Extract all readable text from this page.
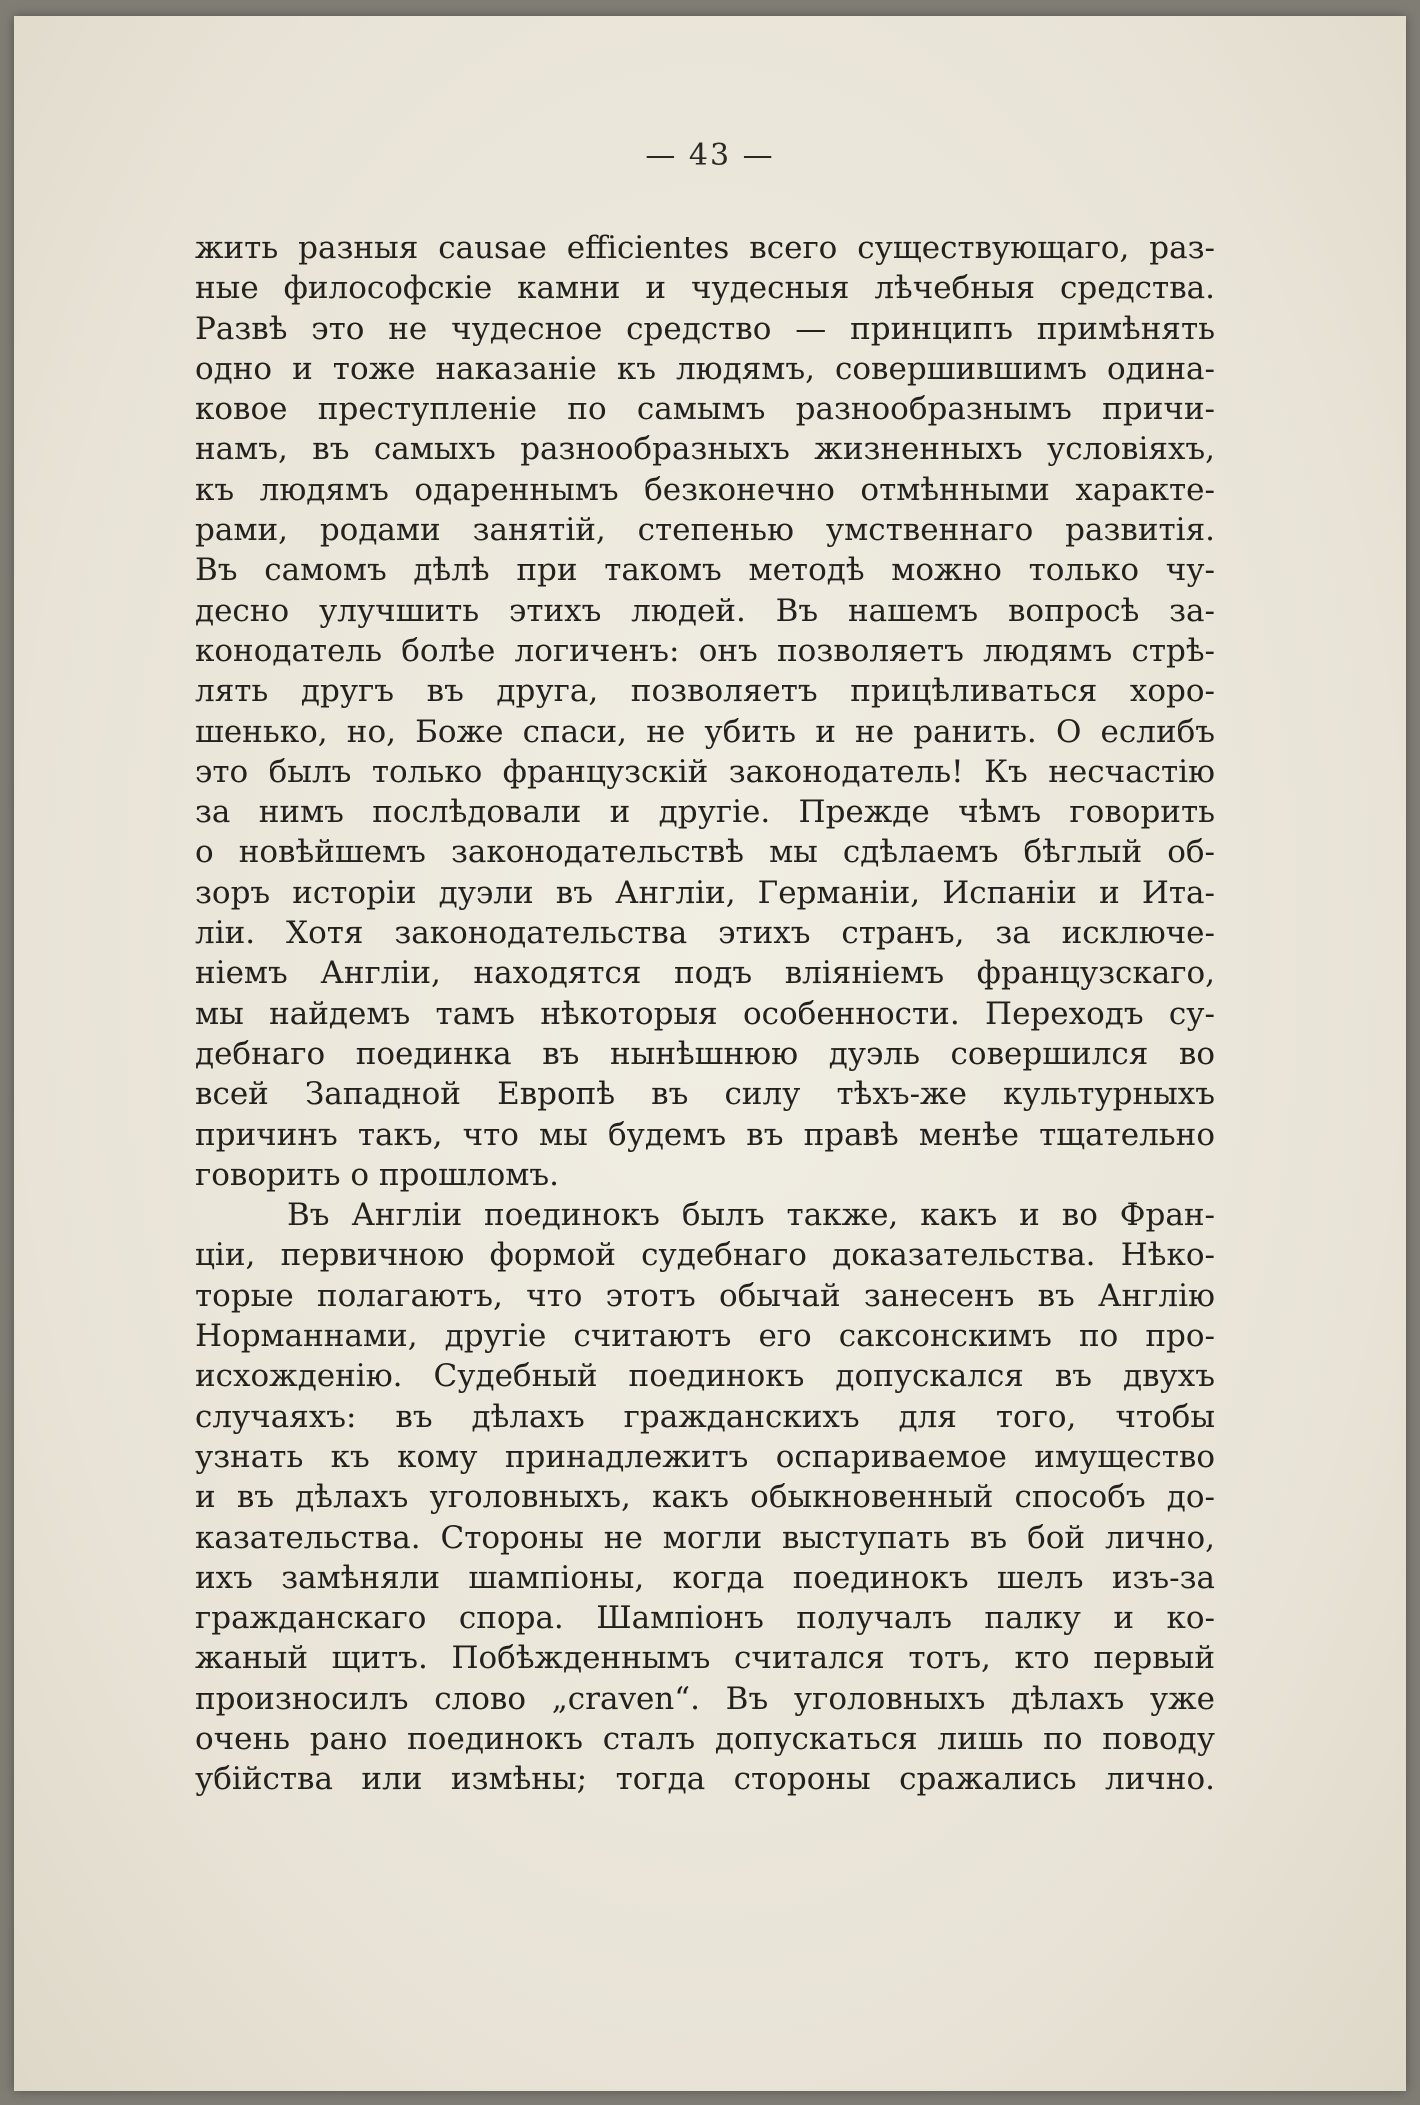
— 43 —
жить разныя causae efficientes всего существующаго, раз-
ные философскіе камни и чудесныя лѣчебныя средства.
Развѣ это не чудесное средство — принципъ примѣнять
одно и тоже наказаніе къ людямъ, совершившимъ одина-
ковое преступленіе по самымъ разнообразнымъ причи-
намъ, въ самыхъ разнообразныхъ жизненныхъ условіяхъ,
къ людямъ одареннымъ безконечно отмѣнными характе-
рами, родами занятій, степенью умственнаго развитія.
Въ самомъ дѣлѣ при такомъ методѣ можно только чу-
десно улучшить этихъ людей. Въ нашемъ вопросѣ за-
конодатель болѣе логиченъ: онъ позволяетъ людямъ стрѣ-
лять другъ въ друга, позволяетъ прицѣливаться хоро-
шенько, но, Боже спаси, не убить и не ранить. О еслибъ
это былъ только французскій законодатель! Къ несчастію
за нимъ послѣдовали и другіе. Прежде чѣмъ говорить
о новѣйшемъ законодательствѣ мы сдѣлаемъ бѣглый об-
зоръ исторіи дуэли въ Англіи, Германіи, Испаніи и Ита-
ліи. Хотя законодательства этихъ странъ, за исключе-
ніемъ Англіи, находятся подъ вліяніемъ французскаго,
мы найдемъ тамъ нѣкоторыя особенности. Переходъ су-
дебнаго поединка въ нынѣшнюю дуэль совершился во
всей Западной Европѣ въ силу тѣхъ-же культурныхъ
причинъ такъ, что мы будемъ въ правѣ менѣе тщательно
говорить о прошломъ.
Въ Англіи поединокъ былъ также, какъ и во Фран-
ціи, первичною формой судебнаго доказательства. Нѣко-
торые полагаютъ, что этотъ обычай занесенъ въ Англію
Норманнами, другіе считаютъ его саксонскимъ по про-
исхожденію. Судебный поединокъ допускался въ двухъ
случаяхъ: въ дѣлахъ гражданскихъ для того, чтобы
узнать къ кому принадлежитъ оспариваемое имущество
и въ дѣлахъ уголовныхъ, какъ обыкновенный способъ до-
казательства. Стороны не могли выступать въ бой лично,
ихъ замѣняли шампіоны, когда поединокъ шелъ изъ-за
гражданскаго спора. Шампіонъ получалъ палку и ко-
жаный щитъ. Побѣжденнымъ считался тотъ, кто первый
произносилъ слово „craven“. Въ уголовныхъ дѣлахъ уже
очень рано поединокъ сталъ допускаться лишь по поводу
убійства или измѣны; тогда стороны сражались лично.
